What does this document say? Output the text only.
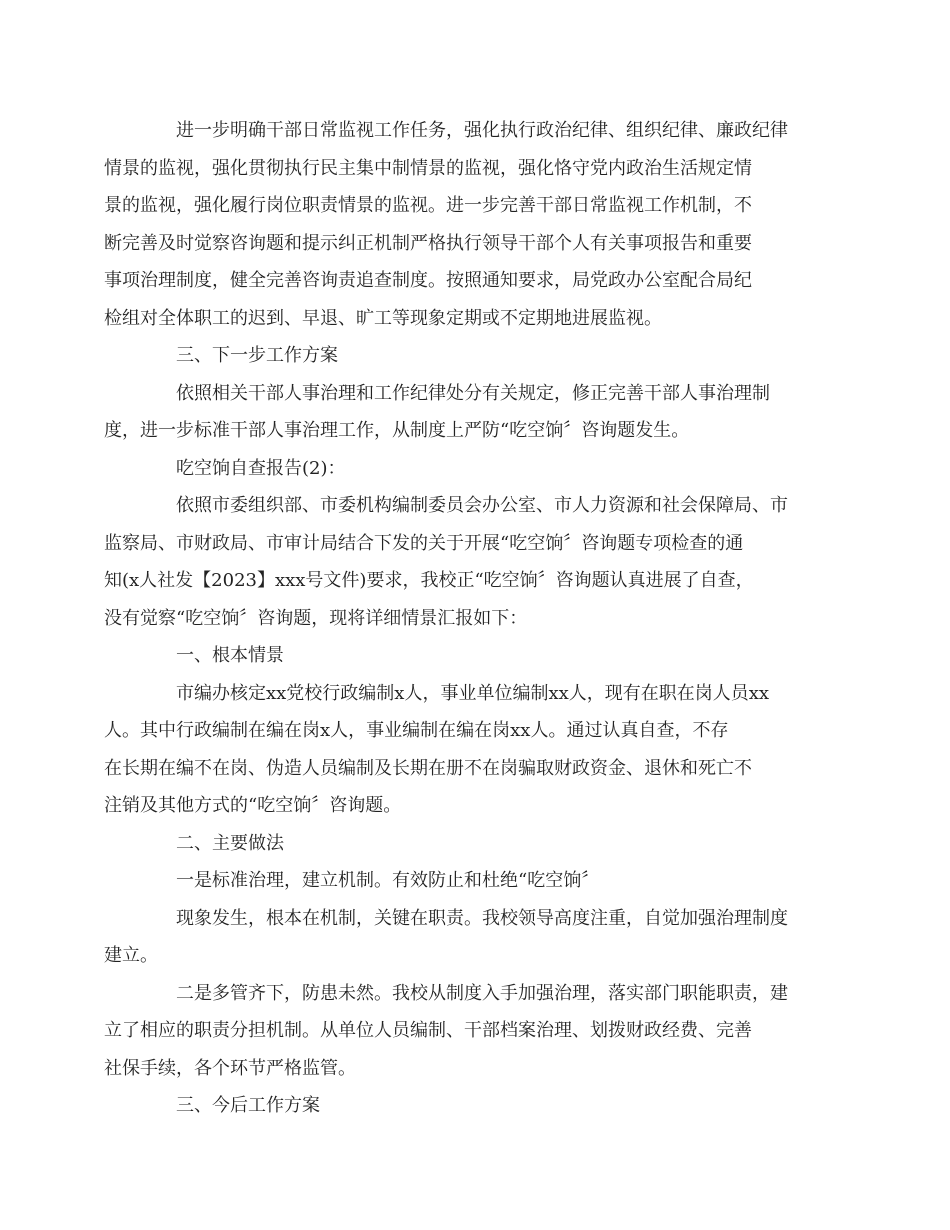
进一步明确干部日常监视工作任务，强化执行政治纪律、组织纪律、廉政纪律
情景的监视，强化贯彻执行民主集中制情景的监视，强化恪守党内政治生活规定情
景的监视，强化履行岗位职责情景的监视。进一步完善干部日常监视工作机制，不
断完善及时觉察咨询题和提示纠正机制严格执行领导干部个人有关事项报告和重要
事项治理制度，健全完善咨询责追查制度。按照通知要求，局党政办公室配合局纪
检组对全体职工的迟到、早退、旷工等现象定期或不定期地进展监视。

三、下一步工作方案

依照相关干部人事治理和工作纪律处分有关规定，修正完善干部人事治理制
度，进一步标准干部人事治理工作，从制度上严防“吃空饷〞咨询题发生。

吃空饷自查报告(2)：

依照市委组织部、市委机构编制委员会办公室、市人力资源和社会保障局、市
监察局、市财政局、市审计局结合下发的关于开展“吃空饷〞咨询题专项检查的通
知(x人社发【2023】xxx号文件)要求，我校正“吃空饷〞咨询题认真进展了自查，
没有觉察“吃空饷〞咨询题，现将详细情景汇报如下：

一、根本情景

市编办核定xx党校行政编制x人，事业单位编制xx人，现有在职在岗人员xx
人。其中行政编制在编在岗x人，事业编制在编在岗xx人。通过认真自查，不存
在长期在编不在岗、伪造人员编制及长期在册不在岗骗取财政资金、退休和死亡不
注销及其他方式的“吃空饷〞咨询题。

二、主要做法

一是标准治理，建立机制。有效防止和杜绝“吃空饷〞

现象发生，根本在机制，关键在职责。我校领导高度注重，自觉加强治理制度
建立。

二是多管齐下，防患未然。我校从制度入手加强治理，落实部门职能职责，建
立了相应的职责分担机制。从单位人员编制、干部档案治理、划拨财政经费、完善
社保手续，各个环节严格监管。

三、今后工作方案
